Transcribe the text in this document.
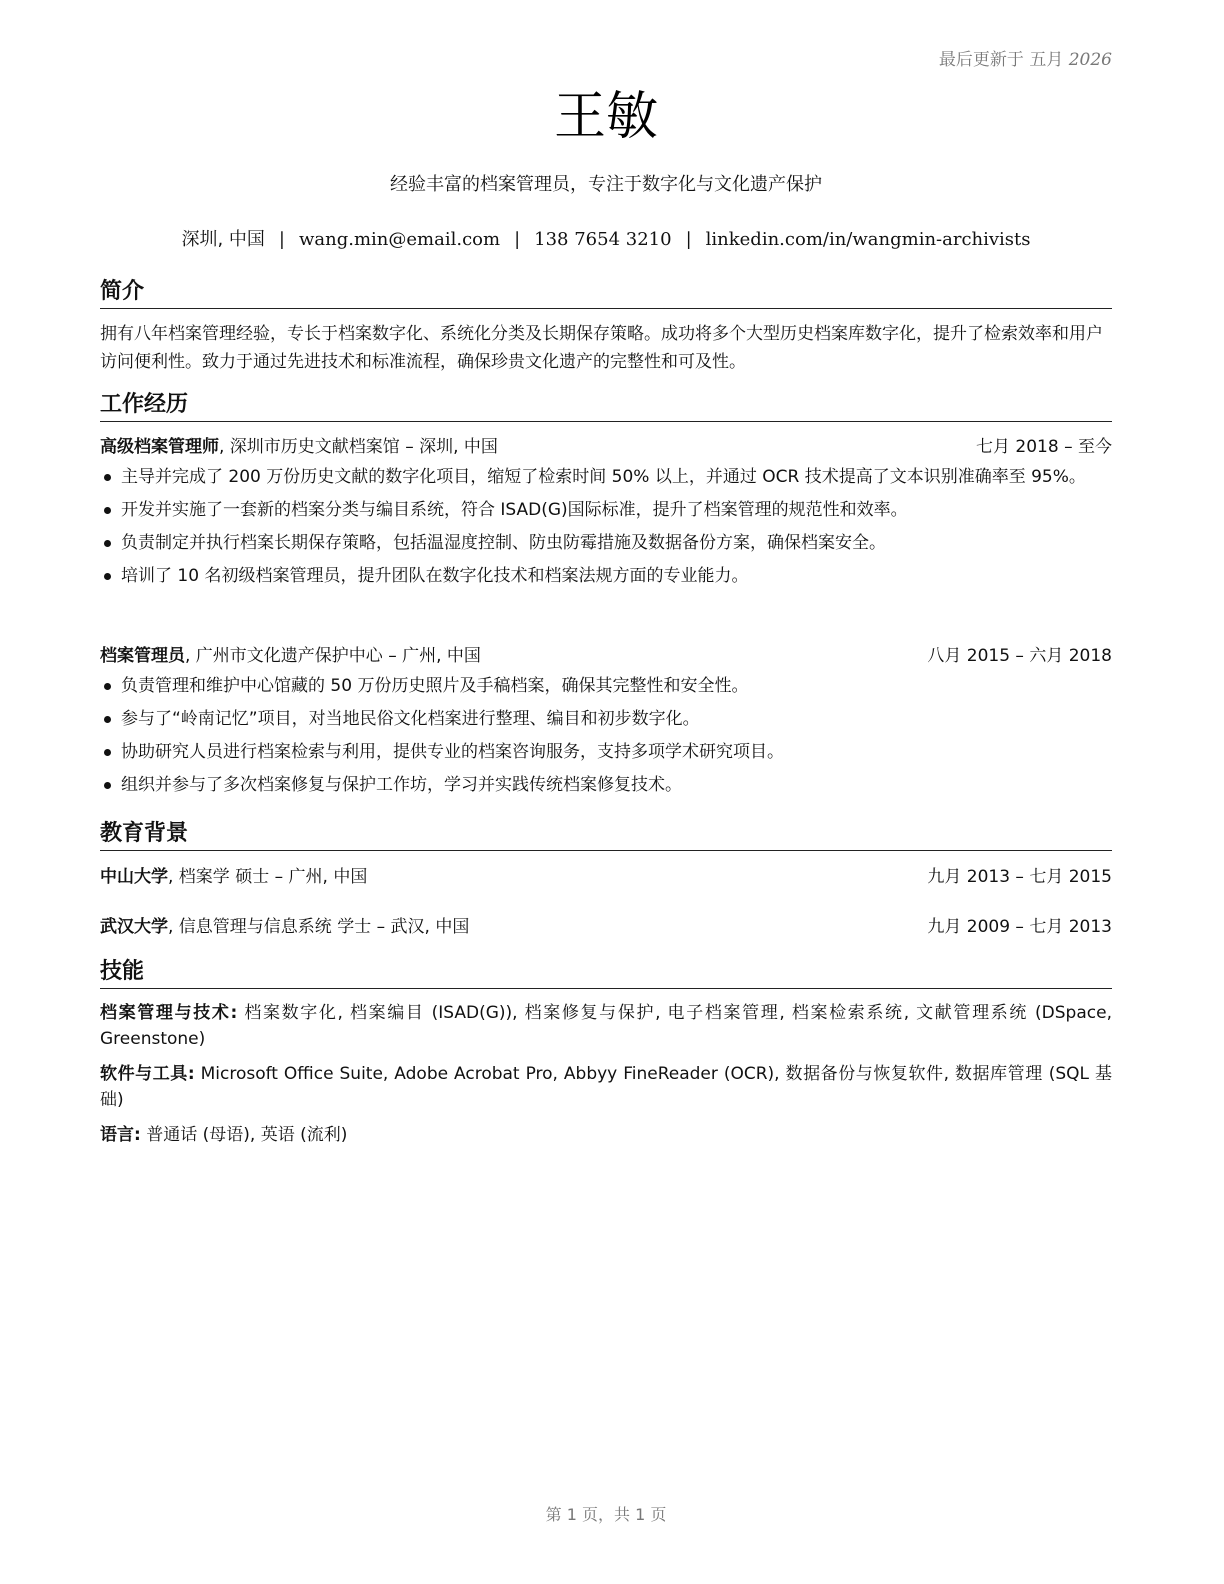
最后更新于 五月 2026
王敏
经验丰富的档案管理员，专注于数字化与文化遗产保护
深圳, 中国 | wang.min@email.com | 138 7654 3210 | linkedin.com/in/wangmin-archivists
简介
拥有八年档案管理经验，专长于档案数字化、系统化分类及长期保存策略。成功将多个大型历史档案库数字化，提升了检索效率和用户访问便利性。致力于通过先进技术和标准流程，确保珍贵文化遗产的完整性和可及性。
工作经历
高级档案管理师, 深圳市历史文献档案馆 – 深圳, 中国	七月 2018 – 至今
主导并完成了 200 万份历史文献的数字化项目，缩短了检索时间 50% 以上，并通过 OCR 技术提高了文本识别准确率至 95%。
开发并实施了一套新的档案分类与编目系统，符合 ISAD(G)国际标准，提升了档案管理的规范性和效率。
负责制定并执行档案长期保存策略，包括温湿度控制、防虫防霉措施及数据备份方案，确保档案安全。
培训了 10 名初级档案管理员，提升团队在数字化技术和档案法规方面的专业能力。
档案管理员, 广州市文化遗产保护中心 – 广州, 中国	八月 2015 – 六月 2018
负责管理和维护中心馆藏的 50 万份历史照片及手稿档案，确保其完整性和安全性。
参与了“岭南记忆”项目，对当地民俗文化档案进行整理、编目和初步数字化。
协助研究人员进行档案检索与利用，提供专业的档案咨询服务，支持多项学术研究项目。
组织并参与了多次档案修复与保护工作坊，学习并实践传统档案修复技术。
教育背景
中山大学, 档案学 硕士 – 广州, 中国	九月 2013 – 七月 2015
武汉大学, 信息管理与信息系统 学士 – 武汉, 中国	九月 2009 – 七月 2013
技能
档案管理与技术: 档案数字化, 档案编目 (ISAD(G)), 档案修复与保护, 电子档案管理, 档案检索系统, 文献管理系统 (DSpace, Greenstone)
软件与工具: Microsoft Office Suite, Adobe Acrobat Pro, Abbyy FineReader (OCR), 数据备份与恢复软件, 数据库管理 (SQL 基础)
语言: 普通话 (母语), 英语 (流利)
第 1 页，共 1 页
